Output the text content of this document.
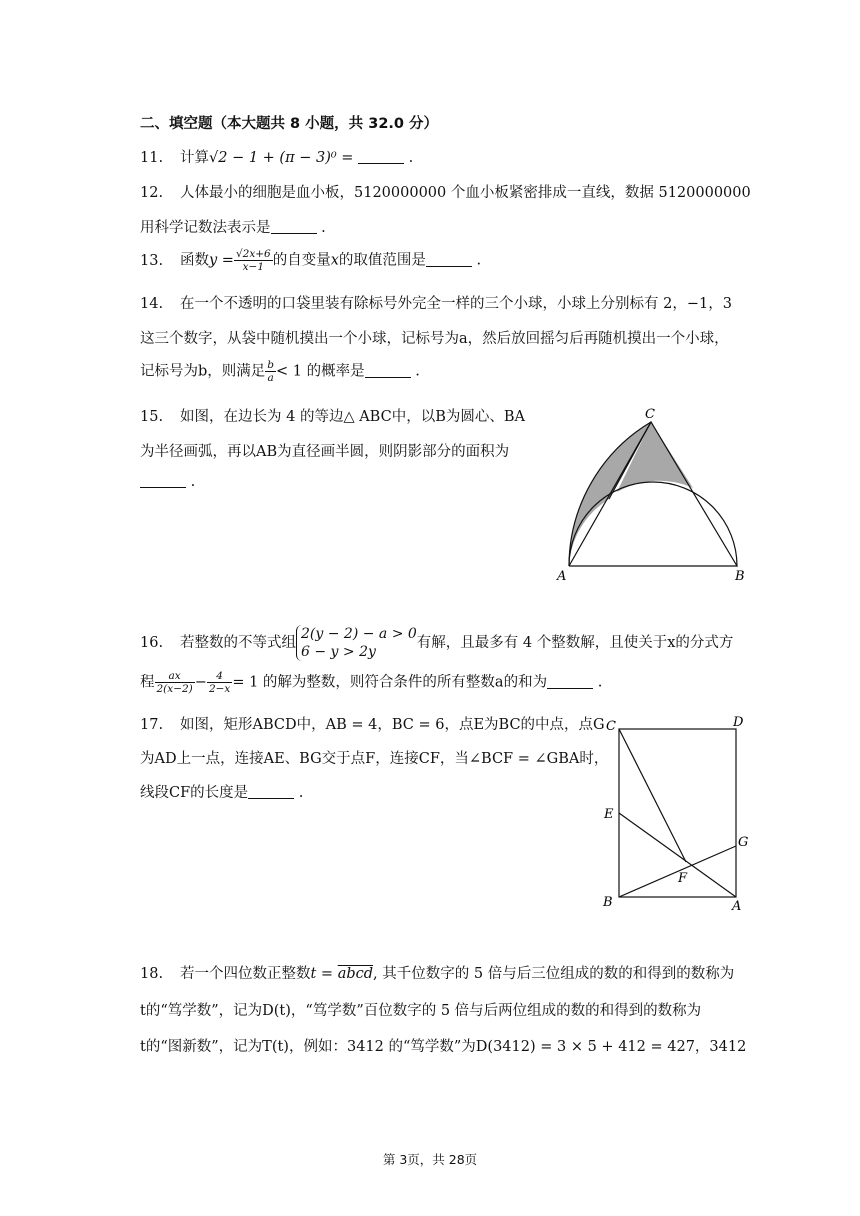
二、填空题（本大题共 8 小题，共 32.0 分）
11. 计算√2 − 1 + (π − 3)⁰ =	.
12. 人体最小的细胞是血小板，5120000000 个血小板紧密排成一直线，数据 5120000000
用科学记数法表示是	.
13. 函数$y = \frac{√2x+6}{x-1}$ 的自变量x的取值范围是	.
14. 在一个不透明的口袋里装有除标号外完全一样的三个小球，小球上分别标有 2，−1，3
这三个数字，从袋中随机摸出一个小球，记标号为a，然后放回摇匀后再随机摸出一个小球，
记标号为b，则满足 $\frac{b}{a} < 1$ 的概率是	.
15. 如图，在边长为 4 的等边△ ABC中，以B为圆心、BA
为半径画弧，再以AB为直径画半圆，则阴影部分的面积为
.
C
A	B
16. 若整数的不等式组
2(y − 2) − a > 0
6 − y > 2y
有解，且最多有 4 个整数解，且使关于x的分式方
程 $\frac{ax}{2(x-2)} - \frac{4}{2-x} = 1$ 的解为整数，则符合条件的所有整数a的和为	.
17. 如图，矩形ABCD中，AB = 4，BC = 6，点E为BC的中点，点G
为AD上一点，连接AE、BG交于点F，连接CF，当∠BCF = ∠GBA时，
线段CF的长度是	.
C	D
E
G
F
B	A
18. 若一个四位数正整数t = abcd, 其千位数字的 5 倍与后三位组成的数的和得到的数称为
t的“笃学数”，记为D(t)，“笃学数”百位数字的 5 倍与后两位组成的数的和得到的数称为
t的“图新数”，记为T(t)，例如：3412 的“笃学数”为D(3412) = 3 × 5 + 412 = 427，3412
第 3页，共 28页
